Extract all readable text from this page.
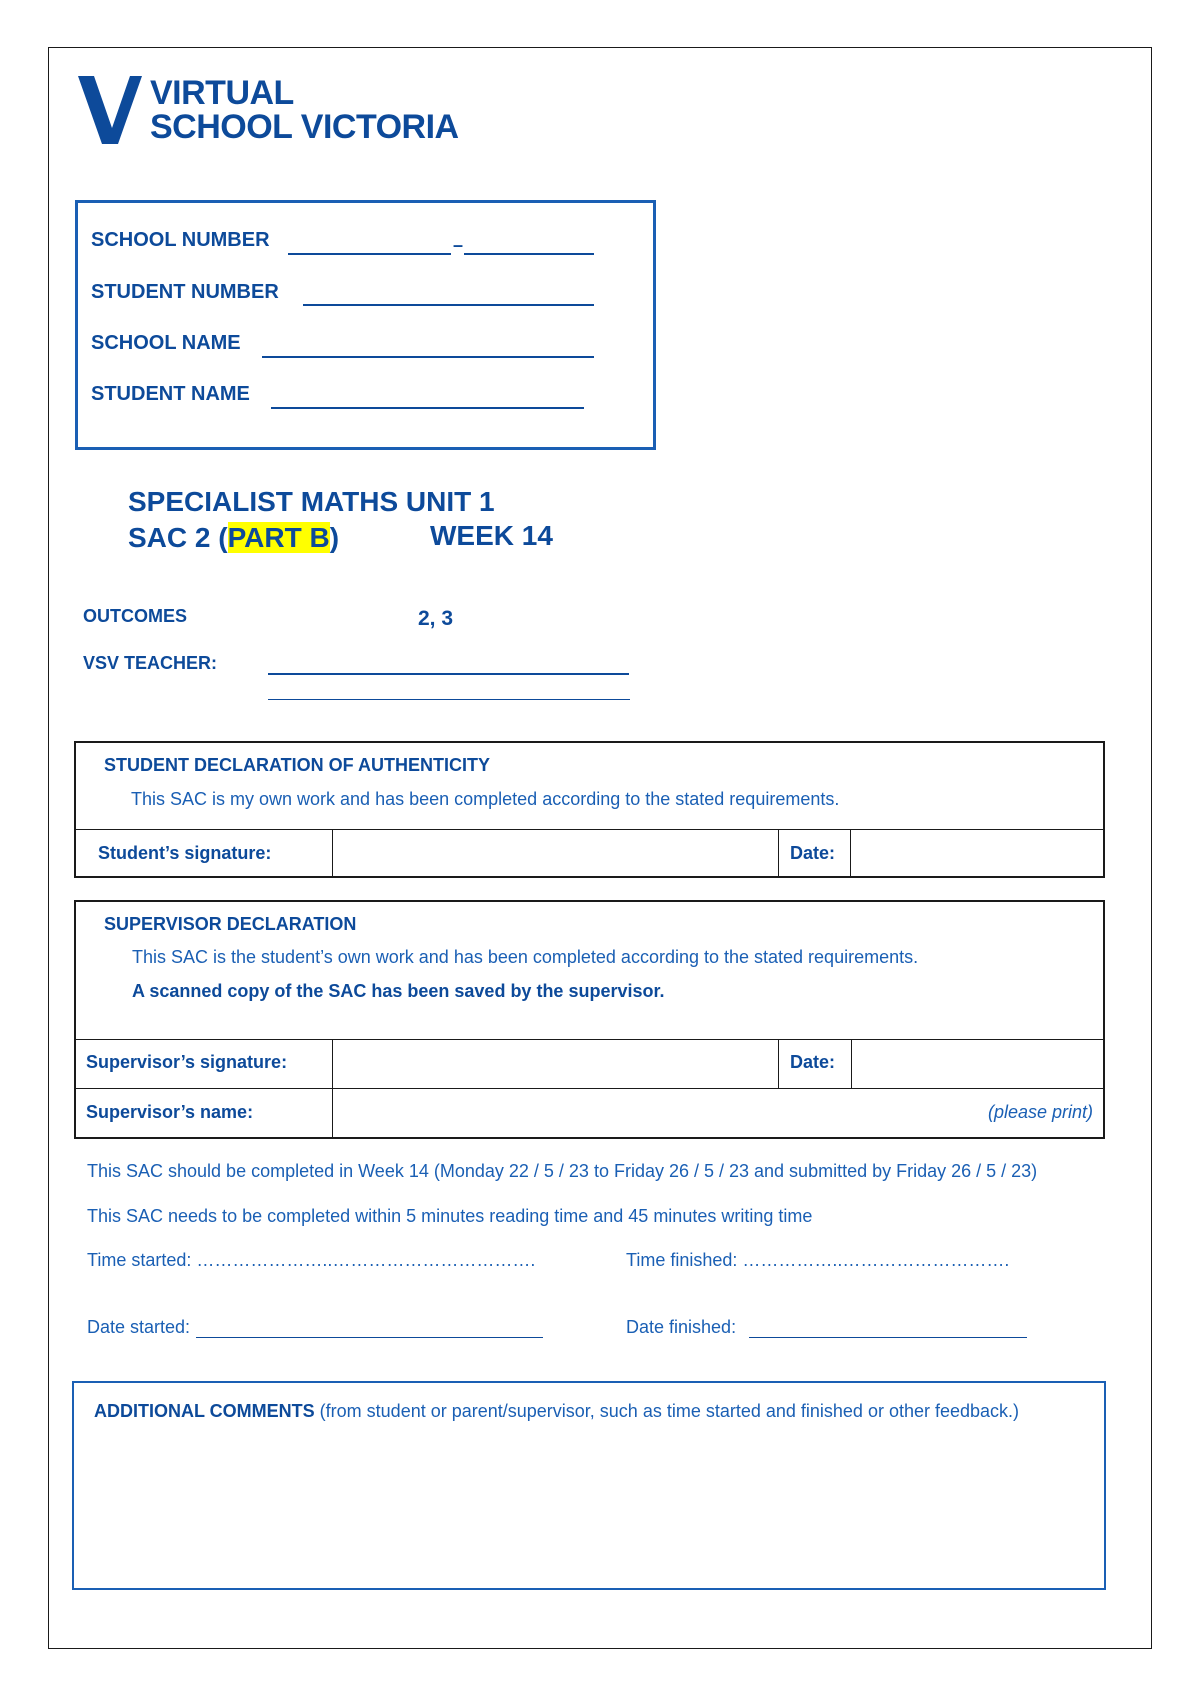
VIRTUAL
SCHOOL VICTORIA
SCHOOL NUMBER	–
STUDENT NUMBER
SCHOOL NAME
STUDENT NAME
SPECIALIST MATHS UNIT 1
SAC 2 (PART B)	WEEK 14
OUTCOMES	2, 3
VSV TEACHER:
STUDENT DECLARATION OF AUTHENTICITY
This SAC is my own work and has been completed according to the stated requirements.
Student’s signature:	Date:
SUPERVISOR DECLARATION
This SAC is the student’s own work and has been completed according to the stated requirements.
A scanned copy of the SAC has been saved by the supervisor.
Supervisor’s signature:	Date:
Supervisor’s name:	(please print)
This SAC should be completed in Week 14 (Monday 22 / 5 / 23 to Friday 26 / 5 / 23 and submitted by Friday 26 / 5 / 23)
This SAC needs to be completed within 5 minutes reading time and 45 minutes writing time
Time started: …………………..…………………………….	Time finished: ……………..……………………….
Date started:	Date finished:
ADDITIONAL COMMENTS (from student or parent/supervisor, such as time started and finished or other feedback.)
